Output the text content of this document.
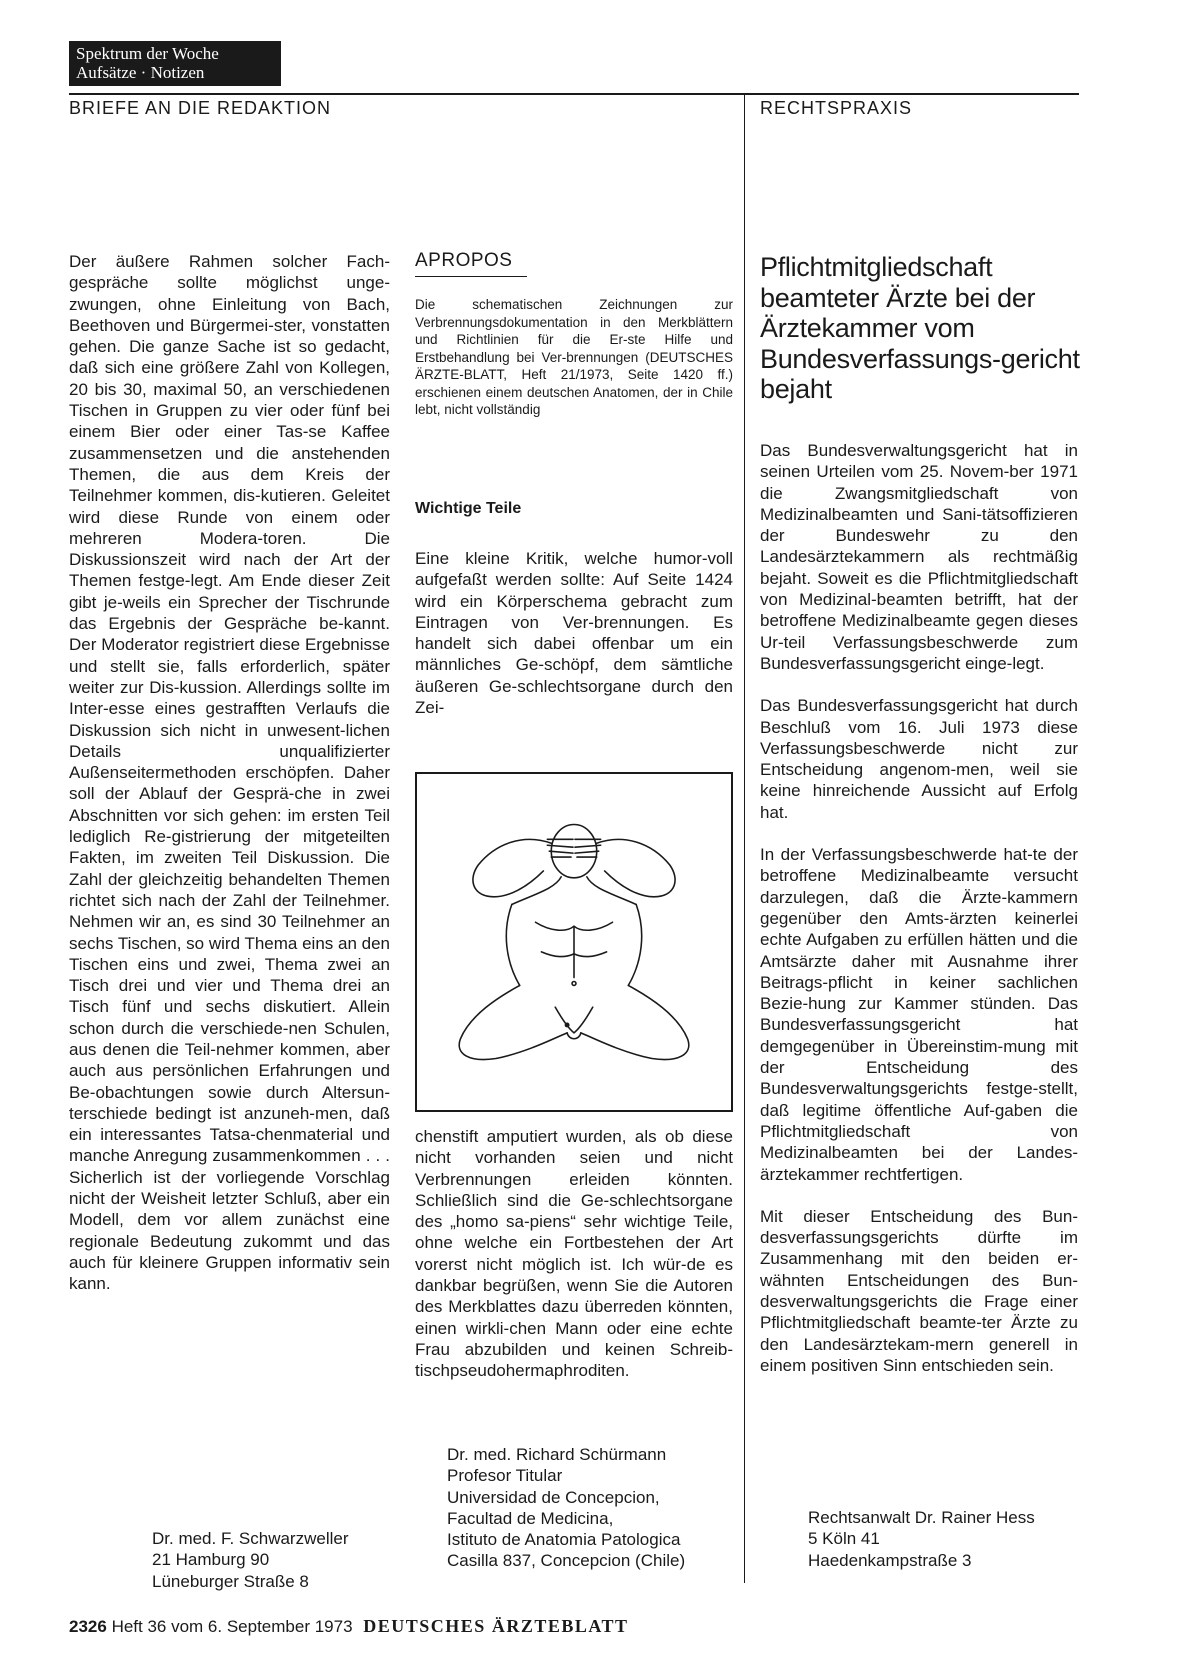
Spektrum der Woche
Aufsätze · Notizen
BRIEFE AN DIE REDAKTION	RECHTSPRAXIS

Der äußere Rahmen solcher Fach-gespräche sollte möglichst unge-zwungen, ohne Einleitung von Bach, Beethoven und Bürgermei-ster, vonstatten gehen. Die ganze Sache ist so gedacht, daß sich eine größere Zahl von Kollegen, 20 bis 30, maximal 50, an verschiedenen Tischen in Gruppen zu vier oder fünf bei einem Bier oder einer Tas-se Kaffee zusammensetzen und die anstehenden Themen, die aus dem Kreis der Teilnehmer kommen, dis-kutieren. Geleitet wird diese Runde von einem oder mehreren Modera-toren. Die Diskussionszeit wird nach der Art der Themen festge-legt. Am Ende dieser Zeit gibt je-weils ein Sprecher der Tischrunde das Ergebnis der Gespräche be-kannt. Der Moderator registriert diese Ergebnisse und stellt sie, falls erforderlich, später weiter zur Dis-kussion. Allerdings sollte im Inter-esse eines gestrafften Verlaufs die Diskussion sich nicht in unwesent-lichen Details unqualifizierter Außenseitermethoden erschöpfen. Daher soll der Ablauf der Gesprä-che in zwei Abschnitten vor sich gehen: im ersten Teil lediglich Re-gistrierung der mitgeteilten Fakten, im zweiten Teil Diskussion. Die Zahl der gleichzeitig behandelten Themen richtet sich nach der Zahl der Teilnehmer. Nehmen wir an, es sind 30 Teilnehmer an sechs Tischen, so wird Thema eins an den Tischen eins und zwei, Thema zwei an Tisch drei und vier und Thema drei an Tisch fünf und sechs diskutiert. Allein schon durch die verschiede-nen Schulen, aus denen die Teil-nehmer kommen, aber auch aus persönlichen Erfahrungen und Be-obachtungen sowie durch Altersun-terschiede bedingt ist anzuneh-men, daß ein interessantes Tatsa-chenmaterial und manche Anregung zusammenkommen . . . Sicherlich ist der vorliegende Vorschlag nicht der Weisheit letzter Schluß, aber ein Modell, dem vor allem zunächst eine regionale Bedeutung zukommt und das auch für kleinere Gruppen informativ sein kann.

Dr. med. F. Schwarzweller
21 Hamburg 90
Lüneburger Straße 8
APROPOS
Die schematischen Zeichnungen zur Verbrennungsdokumentation in den Merkblättern und Richtlinien für die Er-ste Hilfe und Erstbehandlung bei Ver-brennungen (DEUTSCHES ÄRZTE-BLATT, Heft 21/1973, Seite 1420 ff.) erschienen einem deutschen Anatomen, der in Chile lebt, nicht vollständig
Wichtige Teile

Eine kleine Kritik, welche humor-voll aufgefaßt werden sollte: Auf Seite 1424 wird ein Körperschema gebracht zum Eintragen von Ver-brennungen. Es handelt sich dabei offenbar um ein männliches Ge-schöpf, dem sämtliche äußeren Ge-schlechtsorgane durch den Zei-

chenstift amputiert wurden, als ob diese nicht vorhanden seien und nicht Verbrennungen erleiden könnten. Schließlich sind die Ge-schlechtsorgane des „homo sa-piens“ sehr wichtige Teile, ohne welche ein Fortbestehen der Art vorerst nicht möglich ist. Ich wür-de es dankbar begrüßen, wenn Sie die Autoren des Merkblattes dazu überreden könnten, einen wirkli-chen Mann oder eine echte Frau abzubilden und keinen Schreib-tischpseudohermaphroditen.

Dr. med. Richard Schürmann
Profesor Titular
Universidad de Concepcion,
Facultad de Medicina,
Istituto de Anatomia Patologica
Casilla 837, Concepcion (Chile)
Pflichtmitgliedschaft beamteter Ärzte bei der Ärztekammer vom Bundesverfassungs-gericht bejaht

Das Bundesverwaltungsgericht hat in seinen Urteilen vom 25. Novem-ber 1971 die Zwangsmitgliedschaft von Medizinalbeamten und Sani-tätsoffizieren der Bundeswehr zu den Landesärztekammern als rechtmäßig bejaht. Soweit es die Pflichtmitgliedschaft von Medizinal-beamten betrifft, hat der betroffene Medizinalbeamte gegen dieses Ur-teil Verfassungsbeschwerde zum Bundesverfassungsgericht einge-legt.

Das Bundesverfassungsgericht hat durch Beschluß vom 16. Juli 1973 diese Verfassungsbeschwerde nicht zur Entscheidung angenom-men, weil sie keine hinreichende Aussicht auf Erfolg hat.

In der Verfassungsbeschwerde hat-te der betroffene Medizinalbeamte versucht darzulegen, daß die Ärzte-kammern gegenüber den Amts-ärzten keinerlei echte Aufgaben zu erfüllen hätten und die Amtsärzte daher mit Ausnahme ihrer Beitrags-pflicht in keiner sachlichen Bezie-hung zur Kammer stünden. Das Bundesverfassungsgericht hat demgegenüber in Übereinstim-mung mit der Entscheidung des Bundesverwaltungsgerichts festge-stellt, daß legitime öffentliche Auf-gaben die Pflichtmitgliedschaft von Medizinalbeamten bei der Landes-ärztekammer rechtfertigen.

Mit dieser Entscheidung des Bun-desverfassungsgerichts dürfte im Zusammenhang mit den beiden er-wähnten Entscheidungen des Bun-desverwaltungsgerichts die Frage einer Pflichtmitgliedschaft beamte-ter Ärzte zu den Landesärztekam-mern generell in einem positiven Sinn entschieden sein.

Rechtsanwalt Dr. Rainer Hess
5 Köln 41
Haedenkampstraße 3
2326 Heft 36 vom 6. September 1973 DEUTSCHES ÄRZTEBLATT
